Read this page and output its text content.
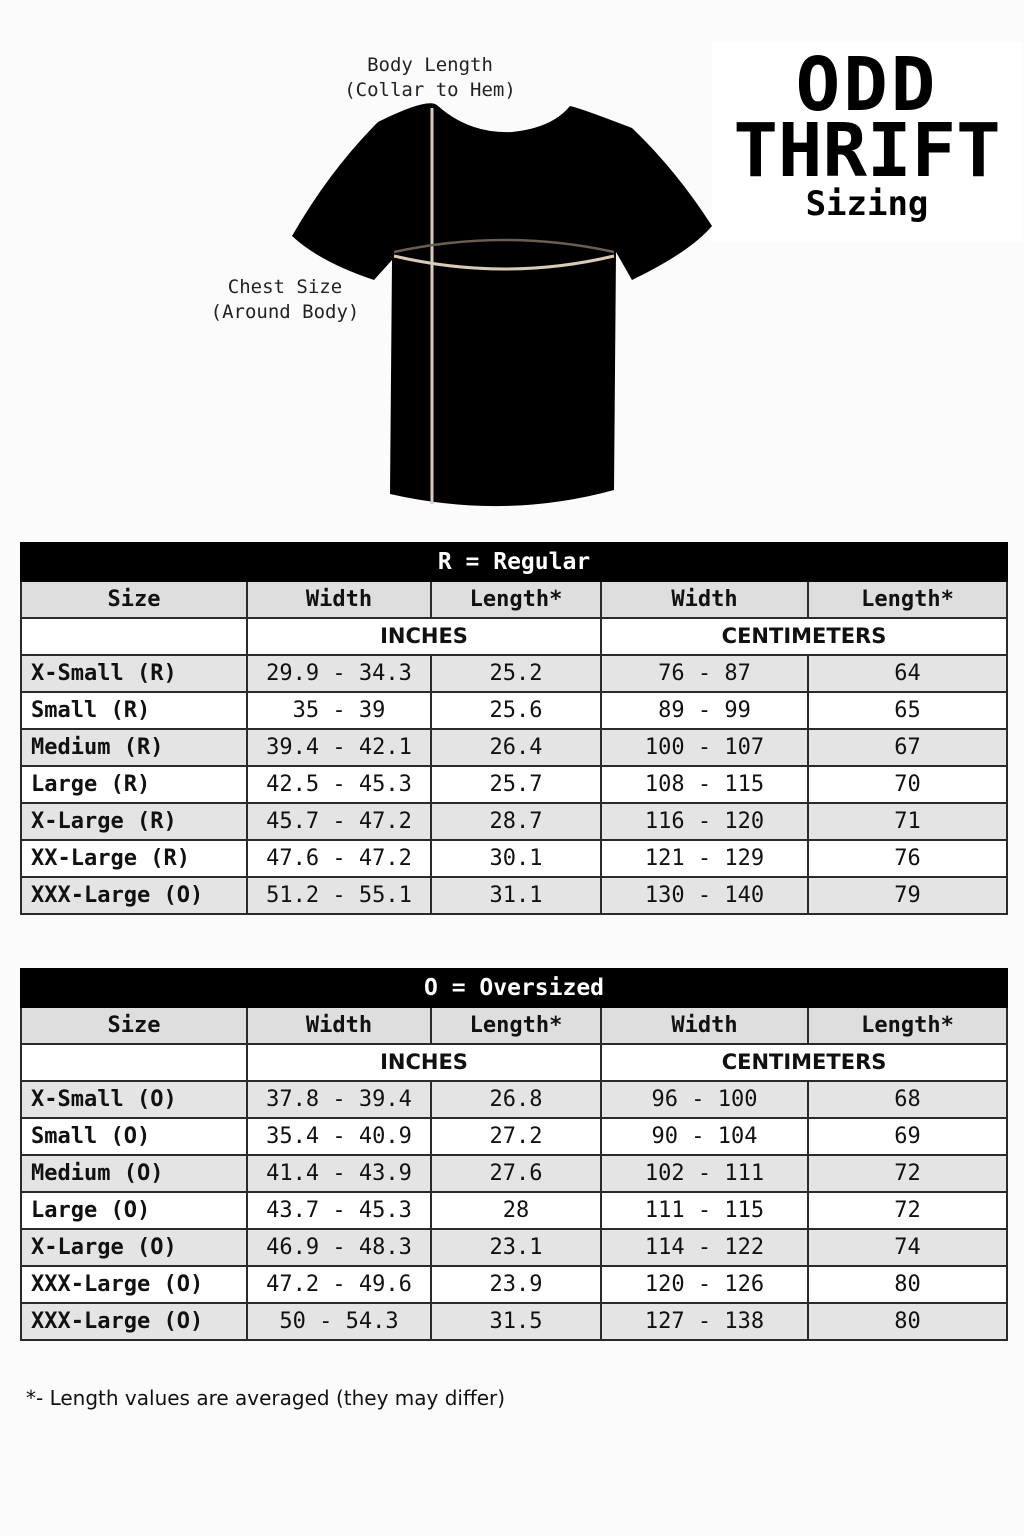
Body Length
(Collar to Hem)
Chest Size
(Around Body)
ODD
THRIFT
Sizing
R = Regular				
Size	Width	Length*	Width	Length*
	INCHES		CENTIMETERS	
X-Small (R)	29.9 - 34.3	25.2	76 - 87	64
Small (R)	35 - 39	25.6	89 - 99	65
Medium (R)	39.4 - 42.1	26.4	100 - 107	67
Large (R)	42.5 - 45.3	25.7	108 - 115	70
X-Large (R)	45.7 - 47.2	28.7	116 - 120	71
XX-Large (R)	47.6 - 47.2	30.1	121 - 129	76
XXX-Large (O)	51.2 - 55.1	31.1	130 - 140	79
O = Oversized				
Size	Width	Length*	Width	Length*
	INCHES		CENTIMETERS	
X-Small (O)	37.8 - 39.4	26.8	96 - 100	68
Small (O)	35.4 - 40.9	27.2	90 - 104	69
Medium (O)	41.4 - 43.9	27.6	102 - 111	72
Large (O)	43.7 - 45.3	28	111 - 115	72
X-Large (O)	46.9 - 48.3	23.1	114 - 122	74
XXX-Large (O)	47.2 - 49.6	23.9	120 - 126	80
XXX-Large (O)	50 - 54.3	31.5	127 - 138	80
*- Length values are averaged (they may differ)
